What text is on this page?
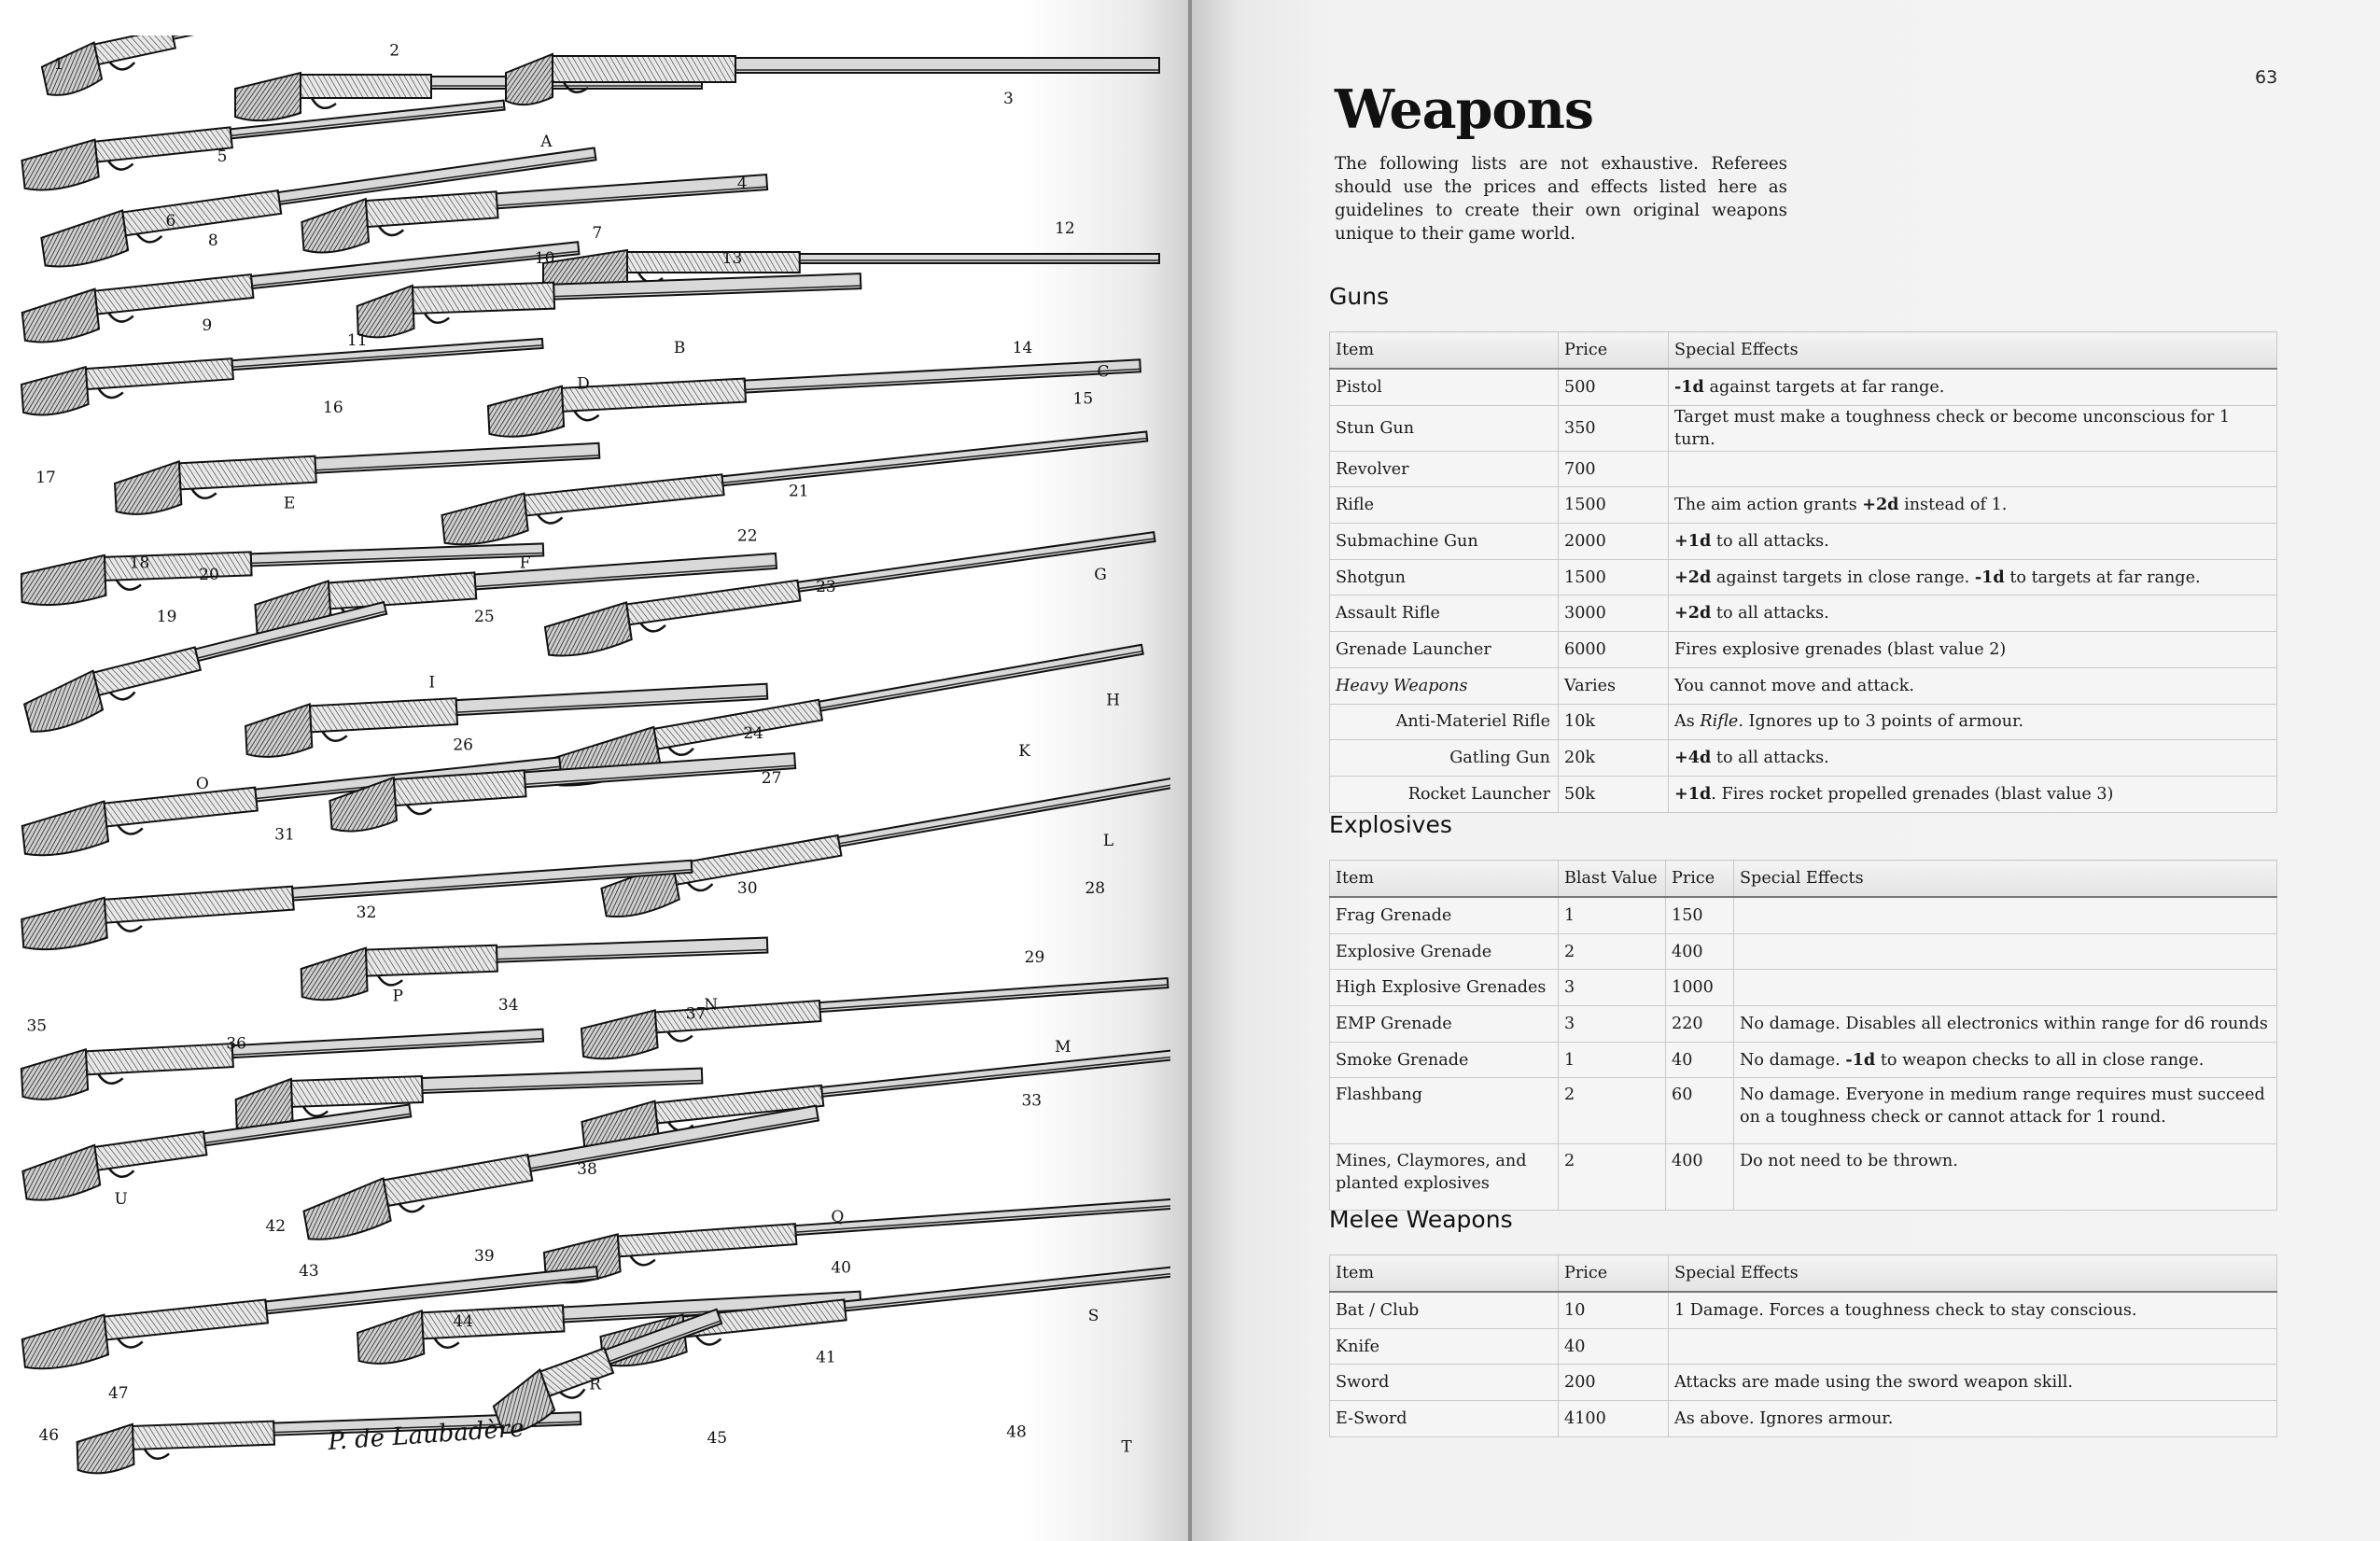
1
2
3
4
5
6
7
8
9
10
11
12
13
14
15
16
17
18
19
20
21
22
23
24
25
26
27
28
29
30
31
32
33
34
35
36
37
38
39
40
41
42
43
44
45
46
47
48
A
B
C
D
E
F
G
H
I
K
L
M
N
O
P
Q
R
S
T
U
P. de Laubadère
63
Weapons

The following lists are not exhaustive. Referees should use the prices and effects listed here as guidelines to create their own original weapons unique to their game world.

Guns
Item	Price	Special Effects
Pistol	500	-1d against targets at far range.
Stun Gun	350	Target must make a toughness check or become unconscious for 1 turn.
Revolver	700	
Rifle	1500	The aim action grants +2d instead of 1.
Submachine Gun	2000	+1d to all attacks.
Shotgun	1500	+2d against targets in close range. -1d to targets at far range.
Assault Rifle	3000	+2d to all attacks.
Grenade Launcher	6000	Fires explosive grenades (blast value 2)
Heavy Weapons	Varies	You cannot move and attack.
Anti-Materiel Rifle	10k	As Rifle. Ignores up to 3 points of armour.
Gatling Gun	20k	+4d to all attacks.
Rocket Launcher	50k	+1d. Fires rocket propelled grenades (blast value 3)
Explosives
Item	Blast Value	Price	Special Effects
Frag Grenade	1	150	
Explosive Grenade	2	400	
High Explosive Grenades	3	1000	
EMP Grenade	3	220	No damage. Disables all electronics within range for d6 rounds
Smoke Grenade	1	40	No damage. -1d to weapon checks to all in close range.
Flashbang	2	60	No damage. Everyone in medium range requires must succeed on a toughness check or cannot attack for 1 round.
Mines, Claymores, and planted explosives	2	400	Do not need to be thrown.
Melee Weapons
Item	Price	Special Effects
Bat / Club	10	1 Damage. Forces a toughness check to stay conscious.
Knife	40	
Sword	200	Attacks are made using the sword weapon skill.
E-Sword	4100	As above. Ignores armour.
